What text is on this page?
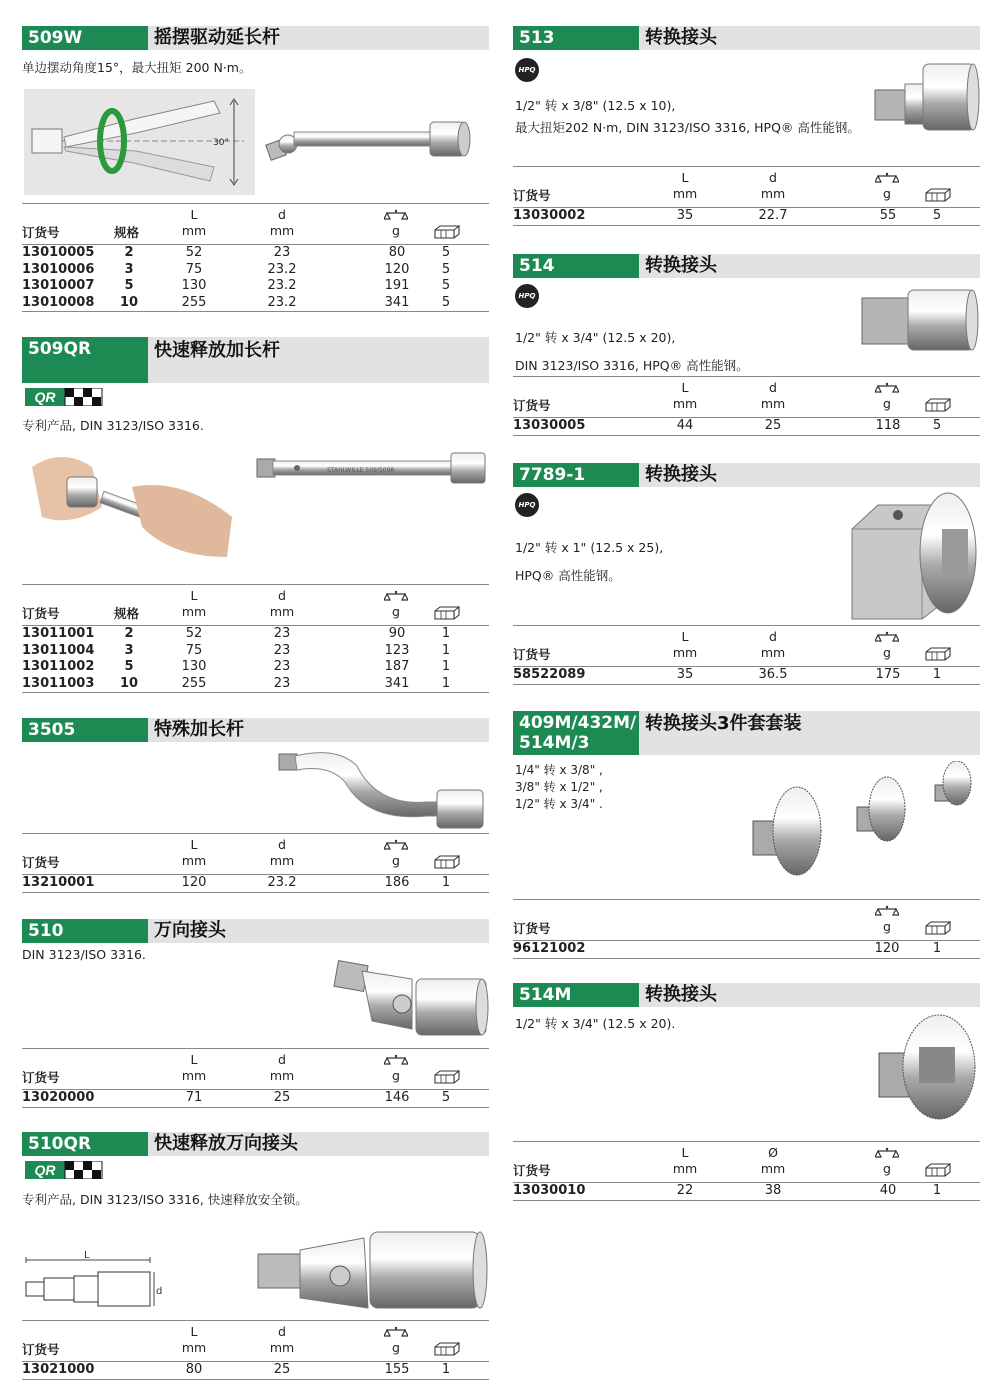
509W	摇摆驱动延长杆
单边摆动角度15°，最大扭矩 200 N·m。
30°
订货号	规格
L
mm
d
mm	g
13010005	2	52	23	80	5
13010006	3	75	23.2	120	5
13010007	5	130	23.2	191	5
13010008	10	255	23.2	341	5
509QR	快速释放加长杆
QR
专利产品, DIN 3123/ISO 3316.
STAHLWILLE 509/509R
订货号	规格
L
mm
d
mm	g
13011001	2	52	23	90	1
13011004	3	75	23	123	1
13011002	5	130	23	187	1
13011003	10	255	23	341	1
3505	特殊加长杆
订货号
L
mm
d
mm	g
13210001	120	23.2	186	1
510	万向接头
DIN 3123/ISO 3316.
订货号
L
mm
d
mm	g
13020000	71	25	146	5
510QR	快速释放万向接头
QR
专利产品, DIN 3123/ISO 3316, 快速释放安全锁。
L
d
订货号
L
mm
d
mm	g
13021000	80	25	155	1
513	转换接头
HPQ
1/2" 转 x 3/8" (12.5 x 10),
最大扭矩202 N·m, DIN 3123/ISO 3316, HPQ® 高性能钢。
订货号
L
mm
d
mm	g
13030002	35	22.7	55	5
514	转换接头
HPQ
1/2" 转 x 3/4" (12.5 x 20),
DIN 3123/ISO 3316, HPQ® 高性能钢。
订货号
L
mm
d
mm	g
13030005	44	25	118	5
7789-1	转换接头
HPQ
1/2" 转 x 1" (12.5 x 25),
HPQ® 高性能钢。
订货号
L
mm
d
mm	g
58522089	35	36.5	175	1
409M/432M/
514M/3
转换接头3件套套装
1/4" 转 x 3/8" ,
3/8" 转 x 1/2" ,
1/2" 转 x 3/4" .
订货号	g
96121002	120	1
514M	转换接头
1/2" 转 x 3/4" (12.5 x 20).
订货号
L
mm
Ø
mm	g
13030010	22	38	40	1
